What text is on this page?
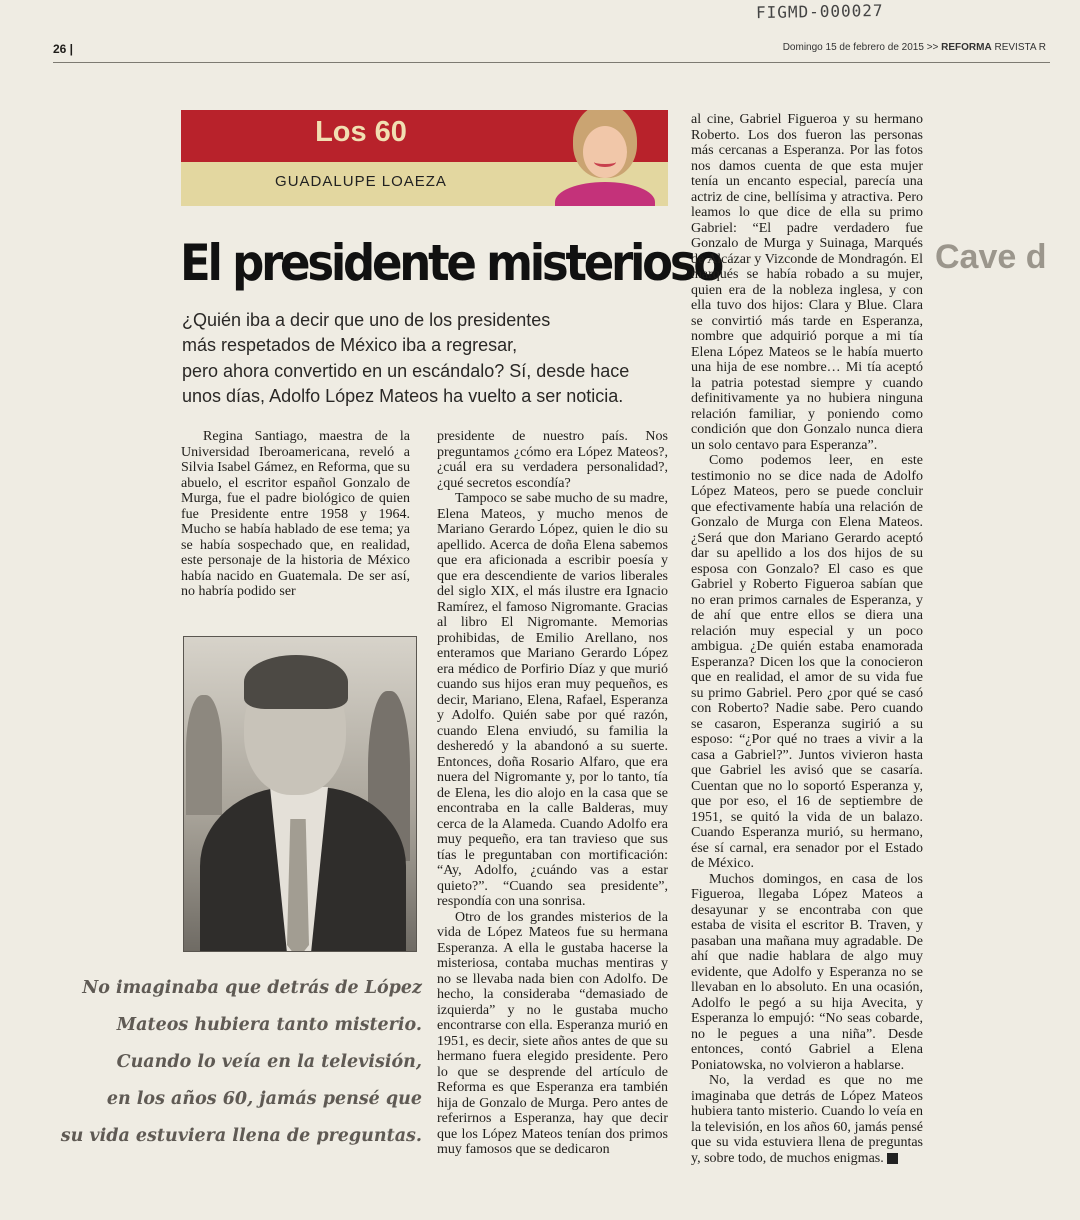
FIGMD-000027
26 |	Domingo 15 de febrero de 2015 >> REFORMA REVISTA R
Los 60
GUADALUPE LOAEZA
El presidente misterioso
¿Quién iba a decir que uno de los presidentes
más respetados de México iba a regresar,
pero ahora convertido en un escándalo? Sí, desde hace
unos días, Adolfo López Mateos ha vuelto a ser noticia.

Regina Santiago, maestra de la Universidad Iberoamericana, reveló a Silvia Isabel Gámez, en Reforma, que su abuelo, el escritor español Gonzalo de Murga, fue el padre biológico de quien fue Presidente entre 1958 y 1964. Mucho se había hablado de ese tema; ya se había sospechado que, en realidad, este personaje de la historia de México había nacido en Guatemala. De ser así, no habría podido ser

No imaginaba que detrás de López
Mateos hubiera tanto misterio.
Cuando lo veía en la televisión,
en los años 60, jamás pensé que
su vida estuviera llena de preguntas.

presidente de nuestro país. Nos preguntamos ¿cómo era López Mateos?, ¿cuál era su verdadera personalidad?, ¿qué secretos escondía?

Tampoco se sabe mucho de su madre, Elena Mateos, y mucho menos de Mariano Gerardo López, quien le dio su apellido. Acerca de doña Elena sabemos que era aficionada a escribir poesía y que era descendiente de varios liberales del siglo XIX, el más ilustre era Ignacio Ramírez, el famoso Nigromante. Gracias al libro El Nigromante. Memorias prohibidas, de Emilio Arellano, nos enteramos que Mariano Gerardo López era médico de Porfirio Díaz y que murió cuando sus hijos eran muy pequeños, es decir, Mariano, Elena, Rafael, Esperanza y Adolfo. Quién sabe por qué razón, cuando Elena enviudó, su familia la desheredó y la abandonó a su suerte. Entonces, doña Rosario Alfaro, que era nuera del Nigromante y, por lo tanto, tía de Elena, les dio alojo en la casa que se encontraba en la calle Balderas, muy cerca de la Alameda. Cuando Adolfo era muy pequeño, era tan travieso que sus tías le preguntaban con mortificación: “Ay, Adolfo, ¿cuándo vas a estar quieto?”. “Cuando sea presidente”, respondía con una sonrisa.

Otro de los grandes misterios de la vida de López Mateos fue su hermana Esperanza. A ella le gustaba hacerse la misteriosa, contaba muchas mentiras y no se llevaba nada bien con Adolfo. De hecho, la consideraba “demasiado de izquierda” y no le gustaba mucho encontrarse con ella. Esperanza murió en 1951, es decir, siete años antes de que su hermano fuera elegido presidente. Pero lo que se desprende del artículo de Reforma es que Esperanza era también hija de Gonzalo de Murga. Pero antes de referirnos a Esperanza, hay que decir que los López Mateos tenían dos primos muy famosos que se dedicaron

al cine, Gabriel Figueroa y su hermano Roberto. Los dos fueron las personas más cercanas a Esperanza. Por las fotos nos damos cuenta de que esta mujer tenía un encanto especial, parecía una actriz de cine, bellísima y atractiva. Pero leamos lo que dice de ella su primo Gabriel: “El padre verdadero fue Gonzalo de Murga y Suinaga, Marqués de Alcázar y Vizconde de Mondragón. El marqués se había robado a su mujer, quien era de la nobleza inglesa, y con ella tuvo dos hijos: Clara y Blue. Clara se convirtió más tarde en Esperanza, nombre que adquirió porque a mi tía Elena López Mateos se le había muerto una hija de ese nombre… Mi tía aceptó la patria potestad siempre y cuando definitivamente ya no hubiera ninguna relación familiar, y poniendo como condición que don Gonzalo nunca diera un solo centavo para Esperanza”.

Como podemos leer, en este testimonio no se dice nada de Adolfo López Mateos, pero se puede concluir que efectivamente había una relación de Gonzalo de Murga con Elena Mateos. ¿Será que don Mariano Gerardo aceptó dar su apellido a los dos hijos de su esposa con Gonzalo? El caso es que Gabriel y Roberto Figueroa sabían que no eran primos carnales de Esperanza, y de ahí que entre ellos se diera una relación muy especial y un poco ambigua. ¿De quién estaba enamorada Esperanza? Dicen los que la conocieron que en realidad, el amor de su vida fue su primo Gabriel. Pero ¿por qué se casó con Roberto? Nadie sabe. Pero cuando se casaron, Esperanza sugirió a su esposo: “¿Por qué no traes a vivir a la casa a Gabriel?”. Juntos vivieron hasta que Gabriel les avisó que se casaría. Cuentan que no lo soportó Esperanza y, que por eso, el 16 de septiembre de 1951, se quitó la vida de un balazo. Cuando Esperanza murió, su hermano, ése sí carnal, era senador por el Estado de México.

Muchos domingos, en casa de los Figueroa, llegaba López Mateos a desayunar y se encontraba con que estaba de visita el escritor B. Traven, y pasaban una mañana muy agradable. De ahí que nadie hablara de algo muy evidente, que Adolfo y Esperanza no se llevaban en lo absoluto. En una ocasión, Adolfo le pegó a su hija Avecita, y Esperanza lo empujó: “No seas cobarde, no le pegues a una niña”. Desde entonces, contó Gabriel a Elena Poniatowska, no volvieron a hablarse.

No, la verdad es que no me imaginaba que detrás de López Mateos hubiera tanto misterio. Cuando lo veía en la televisión, en los años 60, jamás pensé que su vida estuviera llena de preguntas y, sobre todo, de muchos enigmas. R

Cave d
